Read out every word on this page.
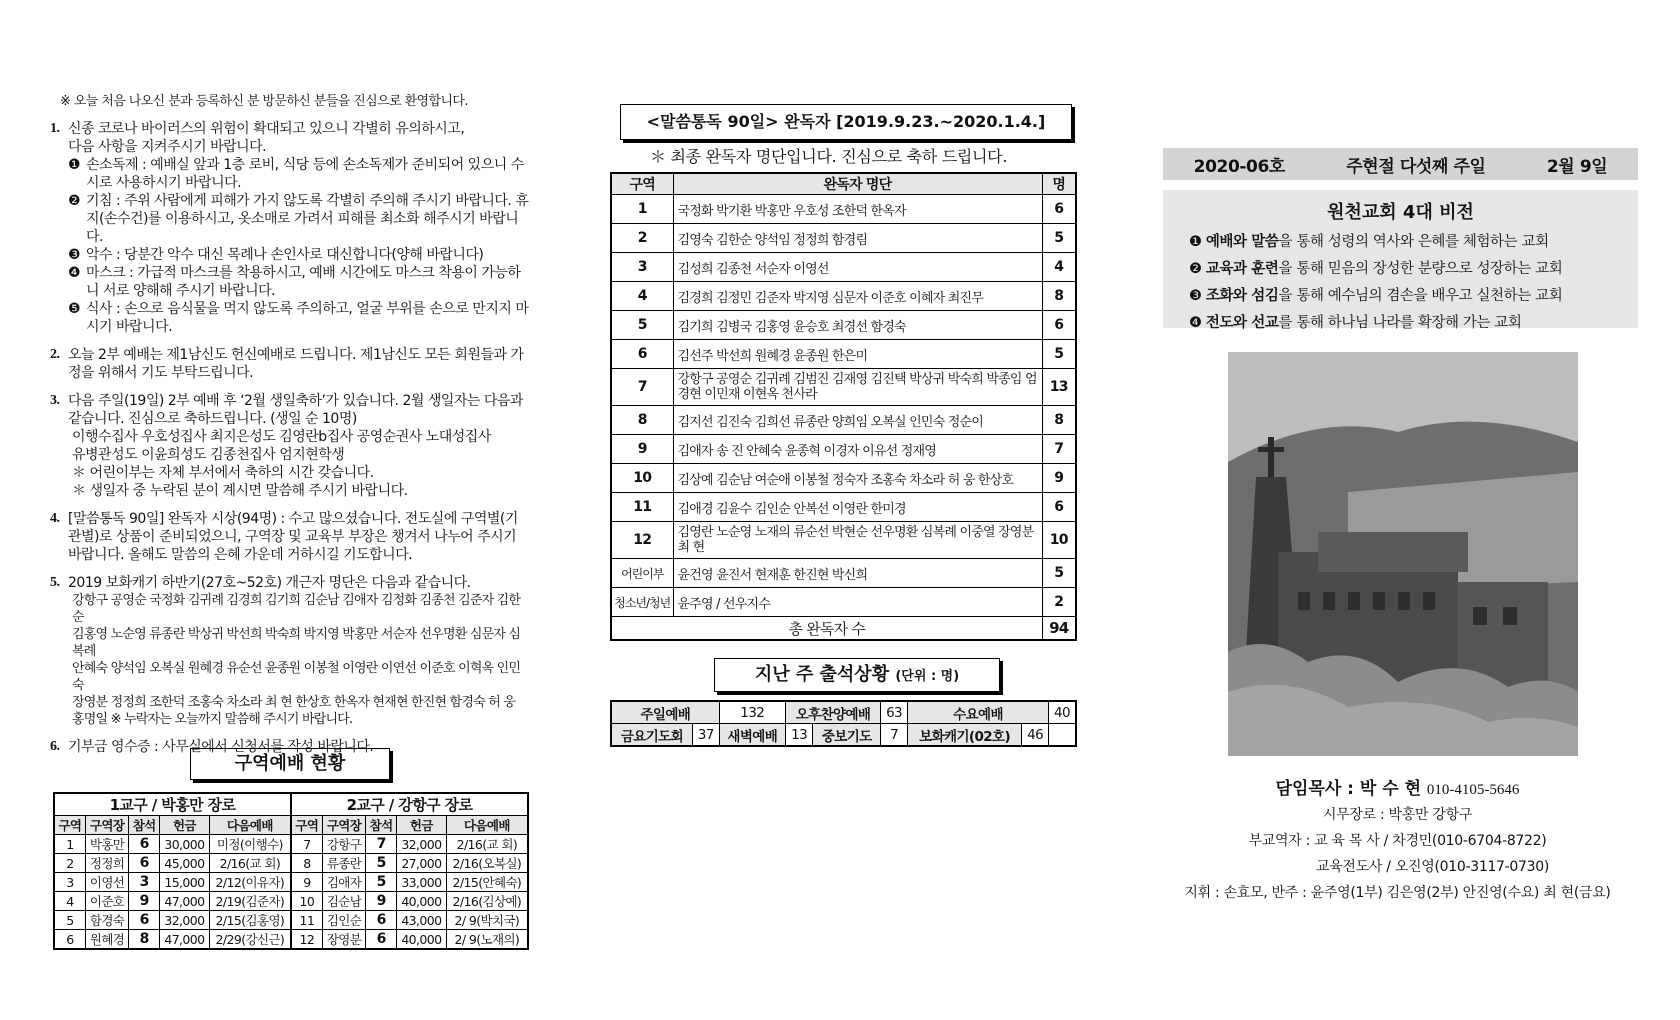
※ 오늘 처음 나오신 분과 등록하신 분 방문하신 분들을 진심으로 환영합니다.
1. 신종 코로나 바이러스의 위험이 확대되고 있으니 각별히 유의하시고,
다음 사항을 지켜주시기 바랍니다.
❶ 손소독제 : 예배실 앞과 1층 로비, 식당 등에 손소독제가 준비되어 있으니 수시로 사용하시기 바랍니다.
❷ 기침 : 주위 사람에게 피해가 가지 않도록 각별히 주의해 주시기 바랍니다. 휴지(손수건)를 이용하시고, 옷소매로 가려서 피해를 최소화 해주시기 바랍니다.
❸ 악수 : 당분간 악수 대신 목례나 손인사로 대신합니다(양해 바랍니다)
❹ 마스크 : 가급적 마스크를 착용하시고, 예배 시간에도 마스크 착용이 가능하니 서로 양해해 주시기 바랍니다.
❺ 식사 : 손으로 음식물을 먹지 않도록 주의하고, 얼굴 부위를 손으로 만지지 마시기 바랍니다.
2. 오늘 2부 예배는 제1남신도 헌신예배로 드립니다. 제1남신도 모든 회원들과 가정을 위해서 기도 부탁드립니다.
3. 다음 주일(19일) 2부 예배 후 ‘2월 생일축하’가 있습니다. 2월 생일자는 다음과 같습니다. 진심으로 축하드립니다. (생일 순 10명)
이행수집사 우호성집사 최지은성도 김영란b집사 공영순권사 노대성집사
유병관성도 이윤희성도 김종천집사 엄지현학생
＊ 어린이부는 자체 부서에서 축하의 시간 갖습니다.
＊ 생일자 중 누락된 분이 계시면 말씀해 주시기 바랍니다.
4. [말씀통독 90일] 완독자 시상(94명) : 수고 많으셨습니다. 전도실에 구역별(기관별)로 상품이 준비되었으니, 구역장 및 교육부 부장은 챙겨서 나누어 주시기 바랍니다. 올해도 말씀의 은혜 가운데 거하시길 기도합니다.
5. 2019 보화캐기 하반기(27호~52호) 개근자 명단은 다음과 같습니다.
강항구 공영순 국정화 김귀례 김경희 김기희 김순남 김애자 김정화 김종천 김준자 김한순
김홍영 노순영 류종란 박상귀 박선희 박숙희 박지영 박홍만 서순자 선우명환 심문자 심복례
안혜숙 양석임 오복실 원혜경 유순선 윤종원 이봉철 이영란 이연선 이준호 이혁옥 인민숙
장영분 정정희 조한덕 조홍숙 차소라 최 현 한상호 한옥자 현재현 한진현 함경숙 허 웅
홍명일 ※ 누락자는 오늘까지 말씀해 주시기 바랍니다.
6. 기부금 영수증 : 사무실에서 신청서를 작성 바랍니다.
구역예배 현황
1교구 / 박홍만 장로					2교구 / 강항구 장로				
구역	구역장	참석	헌금	다음예배	구역	구역장	참석	헌금	다음예배
1	박홍만	6	30,000	미정(이행수)	7	강항구	7	32,000	2/16(교 회)
2	정정희	6	45,000	2/16(교 회)	8	류종란	5	27,000	2/16(오복실)
3	이영선	3	15,000	2/12(이유자)	9	김애자	5	33,000	2/15(안혜숙)
4	이준호	9	47,000	2/19(김준자)	10	김순남	9	40,000	2/16(김상예)
5	함경숙	6	32,000	2/15(김홍영)	11	김인순	6	43,000	2/ 9(박치국)
6	원혜경	8	47,000	2/29(강신근)	12	장영분	6	40,000	2/ 9(노재의)
<말씀통독 90일> 완독자 [2019.9.23.~2020.1.4.]
＊ 최종 완독자 명단입니다. 진심으로 축하 드립니다.
구역	완독자 명단	명
1	국정화 박기환 박홍만 우호성 조한덕 한옥자	6
2	김영숙 김한순 양석임 정정희 함경림	5
3	김성희 김종천 서순자 이영선	4
4	김경희 김정민 김준자 박지영 심문자 이준호 이혜자 최진무	8
5	김기희 김병국 김홍영 윤승호 최경선 함경숙	6
6	김선주 박선희 원혜경 윤종원 한은미	5
7	강항구 공영순 김귀례 김범진 김재영 김진택 박상귀 박숙희 박종임 엄경현 이민재 이현옥 천사라	13
8	김지선 김진숙 김희선 류종란 양희임 오복실 인민숙 정순이	8
9	김애자 송 진 안혜숙 윤종혁 이경자 이유선 정재영	7
10	김상예 김순남 여순애 이봉철 정숙자 조홍숙 차소라 허 웅 한상호	9
11	김애경 김윤수 김인순 안복선 이영란 한미경	6
12	김영란 노순영 노재의 류순선 박현순 선우명환 심복례 이중열 장영분 최 현	10
어린이부	윤건영 윤진서 현재훈 한진현 박신희	5
청소년/청년	윤주영 / 선우지수	2
총 완독자 수		94
지난 주 출석상황 (단위 : 명)
주일예배		132	오후찬양예배		63	수요예배		40
금요기도회	37	새벽예배	13	중보기도	7	보화캐기(02호)	46	
2020-06호	주현절 다섯째 주일	2월 9일
원천교회 4대 비전
❶ 예배와 말씀을 통해 성령의 역사와 은혜를 체험하는 교회
❷ 교육과 훈련을 통해 믿음의 장성한 분량으로 성장하는 교회
❸ 조화와 섬김을 통해 예수님의 겸손을 배우고 실천하는 교회
❹ 전도와 선교를 통해 하나님 나라를 확장해 가는 교회
담임목사 : 박 수 현 010-4105-5646
시무장로 : 박홍만 강항구
부교역자 : 교 육 목 사 / 차경민(010-6704-8722)
교육전도사 / 오진영(010-3117-0730)
지휘 : 손효모, 반주 : 윤주영(1부) 김은영(2부) 안진영(수요) 최 현(금요)
